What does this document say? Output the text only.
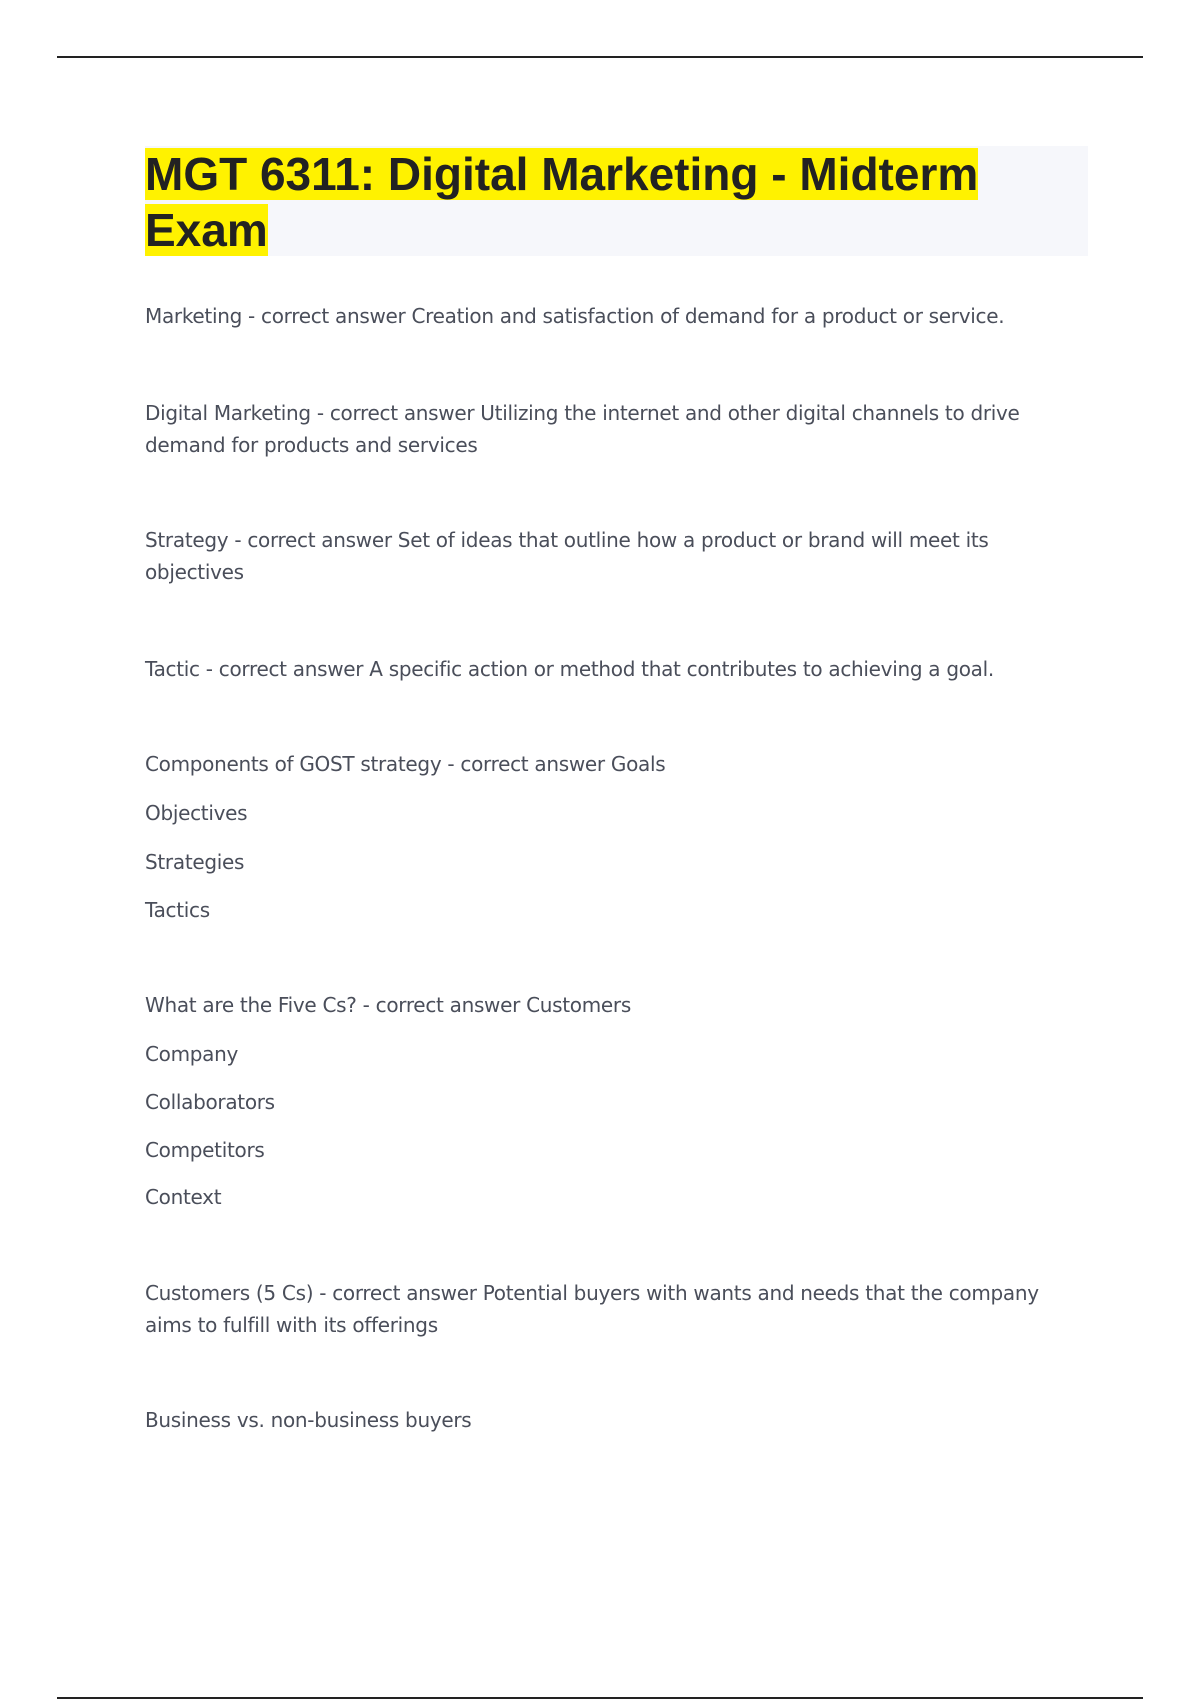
MGT 6311: Digital Marketing - Midterm Exam

Marketing - correct answer Creation and satisfaction of demand for a product or service.

Digital Marketing - correct answer Utilizing the internet and other digital channels to drive demand for products and services

Strategy - correct answer Set of ideas that outline how a product or brand will meet its objectives

Tactic - correct answer A specific action or method that contributes to achieving a goal.

Components of GOST strategy - correct answer Goals

Objectives

Strategies

Tactics

What are the Five Cs? - correct answer Customers

Company

Collaborators

Competitors

Context

Customers (5 Cs) - correct answer Potential buyers with wants and needs that the company aims to fulfill with its offerings

Business vs. non-business buyers
